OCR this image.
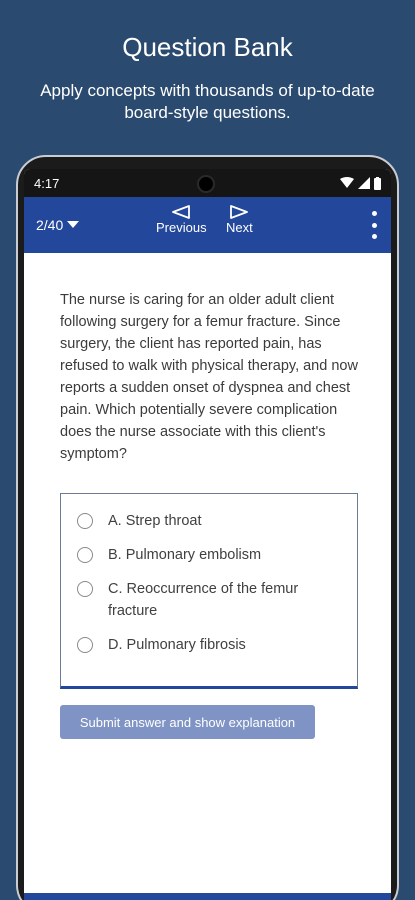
Question Bank
Apply concepts with thousands of up-to-date board-style questions.
4:17
2/40	Previous Next
The nurse is caring for an older adult client following surgery for a femur fracture. Since surgery, the client has reported pain, has refused to walk with physical therapy, and now reports a sudden onset of dyspnea and chest pain. Which potentially severe complication does the nurse associate with this client's symptom?
A. Strep throat
B. Pulmonary embolism
C. Reoccurrence of the femur fracture
D. Pulmonary fibrosis
Submit answer and show explanation
